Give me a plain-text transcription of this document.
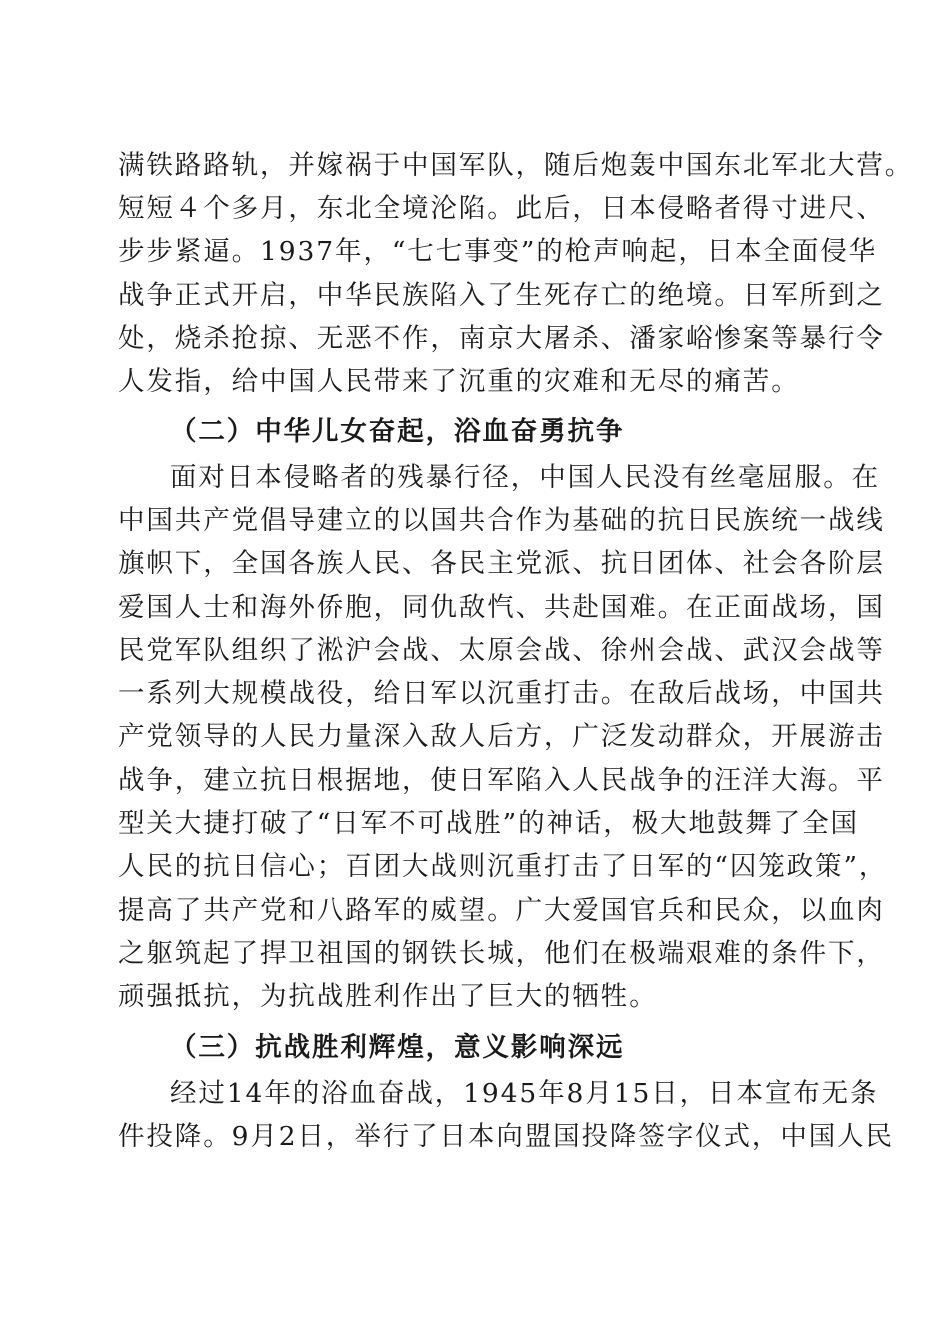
满铁路路轨，并嫁祸于中国军队，随后炮轰中国东北军北大营。
短短４个多月，东北全境沦陷。此后，日本侵略者得寸进尺、
步步紧逼。1937年，“七七事变”的枪声响起，日本全面侵华
战争正式开启，中华民族陷入了生死存亡的绝境。日军所到之
处，烧杀抢掠、无恶不作，南京大屠杀、潘家峪惨案等暴行令
人发指，给中国人民带来了沉重的灾难和无尽的痛苦。
（二）中华儿女奋起，浴血奋勇抗争
面对日本侵略者的残暴行径，中国人民没有丝毫屈服。在
中国共产党倡导建立的以国共合作为基础的抗日民族统一战线
旗帜下，全国各族人民、各民主党派、抗日团体、社会各阶层
爱国人士和海外侨胞，同仇敌忾、共赴国难。在正面战场，国
民党军队组织了淞沪会战、太原会战、徐州会战、武汉会战等
一系列大规模战役，给日军以沉重打击。在敌后战场，中国共
产党领导的人民力量深入敌人后方，广泛发动群众，开展游击
战争，建立抗日根据地，使日军陷入人民战争的汪洋大海。平
型关大捷打破了“日军不可战胜”的神话，极大地鼓舞了全国
人民的抗日信心；百团大战则沉重打击了日军的“囚笼政策”，
提高了共产党和八路军的威望。广大爱国官兵和民众，以血肉
之躯筑起了捍卫祖国的钢铁长城，他们在极端艰难的条件下，
顽强抵抗，为抗战胜利作出了巨大的牺牲。
（三）抗战胜利辉煌，意义影响深远
经过14年的浴血奋战，1945年8月15日，日本宣布无条
件投降。9月2日，举行了日本向盟国投降签字仪式，中国人民
